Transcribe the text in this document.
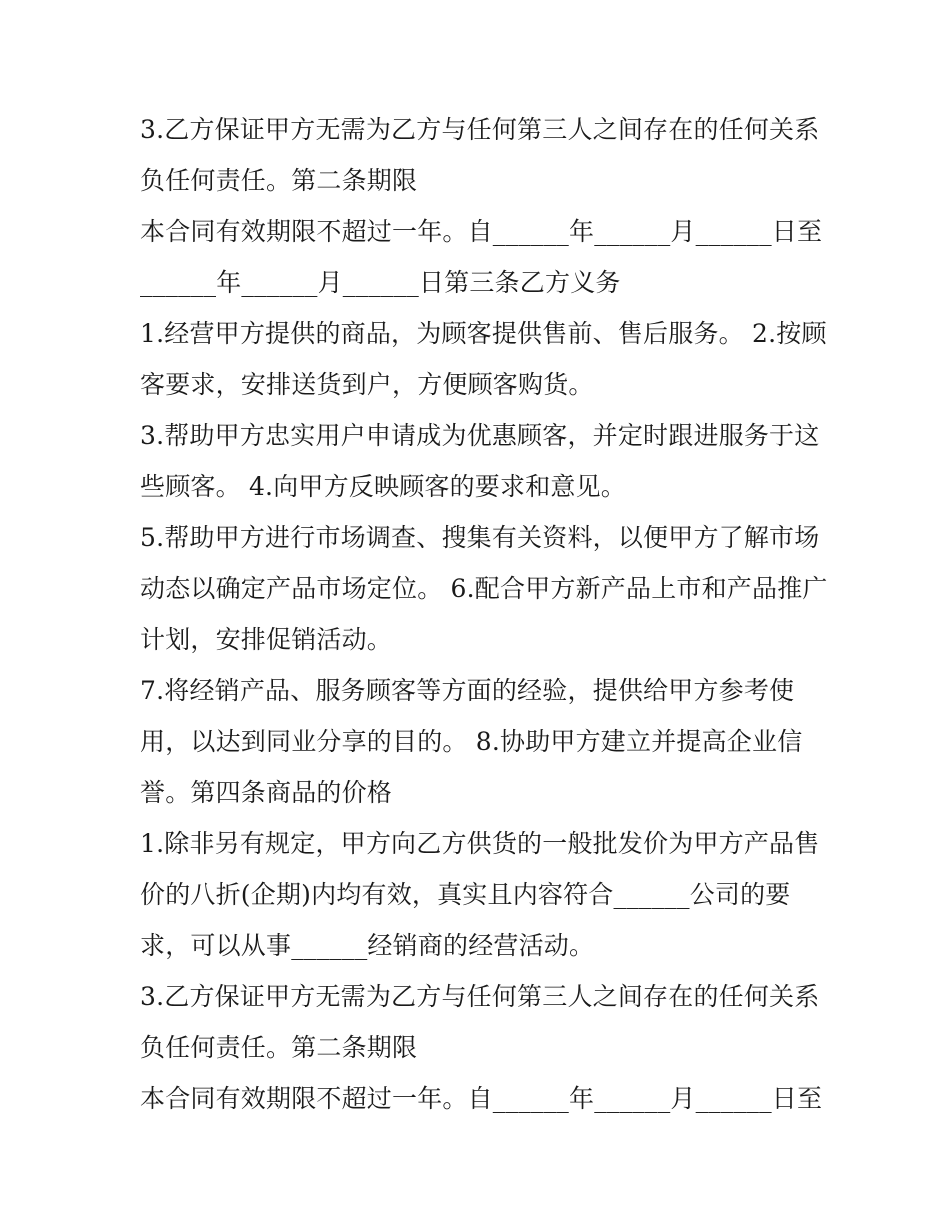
3.乙方保证甲方无需为乙方与任何第三人之间存在的任何关系
负任何责任。第二条期限
本合同有效期限不超过一年。自______年______月______日至
______年______月______日第三条乙方义务
1.经营甲方提供的商品，为顾客提供售前、售后服务。 2.按顾
客要求，安排送货到户，方便顾客购货。
3.帮助甲方忠实用户申请成为优惠顾客，并定时跟进服务于这
些顾客。 4.向甲方反映顾客的要求和意见。
5.帮助甲方进行市场调查、搜集有关资料，以便甲方了解市场
动态以确定产品市场定位。 6.配合甲方新产品上市和产品推广
计划，安排促销活动。
7.将经销产品、服务顾客等方面的经验，提供给甲方参考使
用，以达到同业分享的目的。 8.协助甲方建立并提高企业信
誉。第四条商品的价格
1.除非另有规定，甲方向乙方供货的一般批发价为甲方产品售
价的八折(企期)内均有效，真实且内容符合______公司的要
求，可以从事______经销商的经营活动。
3.乙方保证甲方无需为乙方与任何第三人之间存在的任何关系
负任何责任。第二条期限
本合同有效期限不超过一年。自______年______月______日至
